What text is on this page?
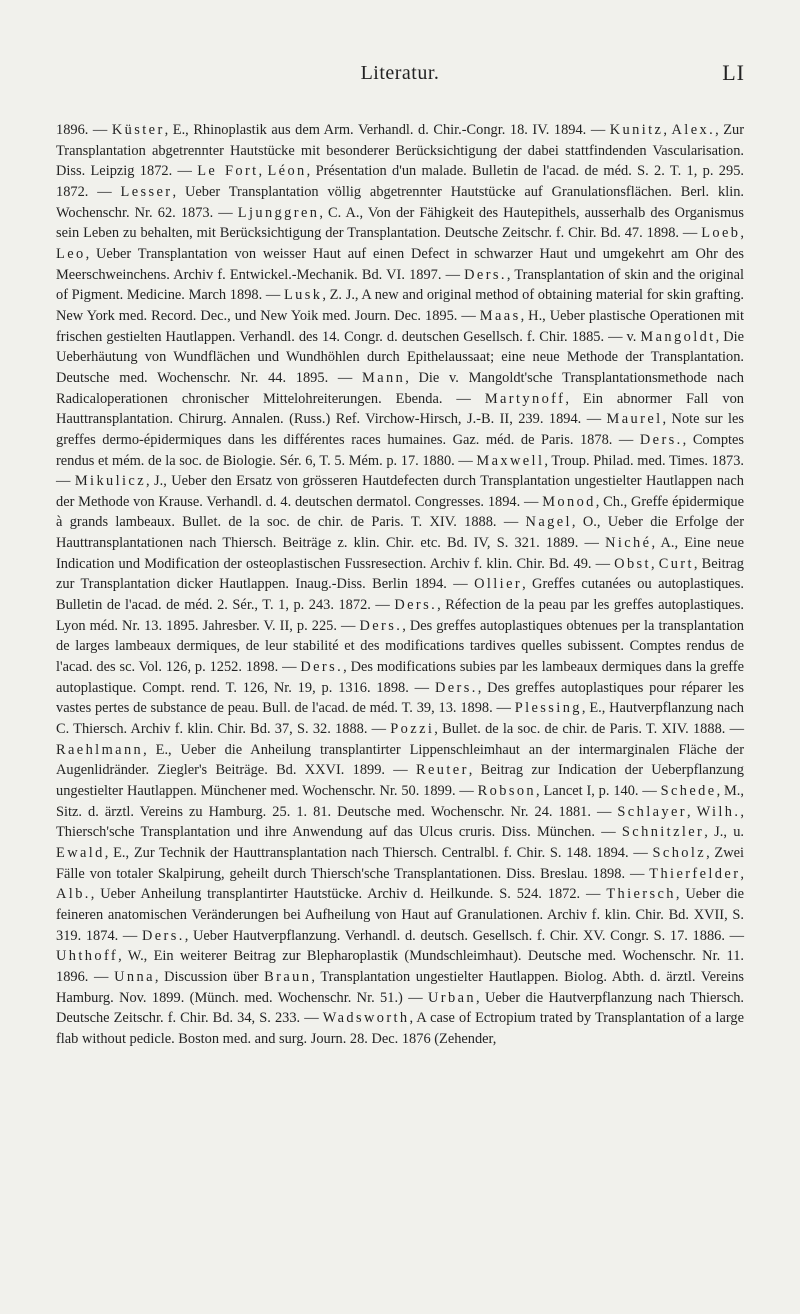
Literatur.	LI

1896. — Küster, E., Rhinoplastik aus dem Arm. Verhandl. d. Chir.-Congr. 18. IV. 1894. — Kunitz, Alex., Zur Transplantation abgetrennter Hautstücke mit besonderer Berücksichtigung der dabei stattfindenden Vascularisation. Diss. Leipzig 1872. — Le Fort, Léon, Présentation d'un malade. Bulletin de l'acad. de méd. S. 2. T. 1, p. 295. 1872. — Lesser, Ueber Transplantation völlig abgetrennter Hautstücke auf Granulationsflächen. Berl. klin. Wochenschr. Nr. 62. 1873. — Ljunggren, C. A., Von der Fähigkeit des Hautepithels, ausserhalb des Organismus sein Leben zu behalten, mit Berücksichtigung der Transplantation. Deutsche Zeitschr. f. Chir. Bd. 47. 1898. — Loeb, Leo, Ueber Transplantation von weisser Haut auf einen Defect in schwarzer Haut und umgekehrt am Ohr des Meerschweinchens. Archiv f. Entwickel.-Mechanik. Bd. VI. 1897. — Ders., Transplantation of skin and the original of Pigment. Medicine. March 1898. — Lusk, Z. J., A new and original method of obtaining material for skin grafting. New York med. Record. Dec., und New Yoik med. Journ. Dec. 1895. — Maas, H., Ueber plastische Operationen mit frischen gestielten Hautlappen. Verhandl. des 14. Congr. d. deutschen Gesellsch. f. Chir. 1885. — v. Mangoldt, Die Ueberhäutung von Wundflächen und Wundhöhlen durch Epithelaussaat; eine neue Methode der Transplantation. Deutsche med. Wochenschr. Nr. 44. 1895. — Mann, Die v. Mangoldt'sche Transplantationsmethode nach Radicaloperationen chronischer Mittelohreiterungen. Ebenda. — Martynoff, Ein abnormer Fall von Hauttransplantation. Chirurg. Annalen. (Russ.) Ref. Virchow-Hirsch, J.-B. II, 239. 1894. — Maurel, Note sur les greffes dermo-épidermiques dans les différentes races humaines. Gaz. méd. de Paris. 1878. — Ders., Comptes rendus et mém. de la soc. de Biologie. Sér. 6, T. 5. Mém. p. 17. 1880. — Maxwell, Troup. Philad. med. Times. 1873. — Mikulicz, J., Ueber den Ersatz von grösseren Hautdefecten durch Transplantation ungestielter Hautlappen nach der Methode von Krause. Verhandl. d. 4. deutschen dermatol. Congresses. 1894. — Monod, Ch., Greffe épidermique à grands lambeaux. Bullet. de la soc. de chir. de Paris. T. XIV. 1888. — Nagel, O., Ueber die Erfolge der Hauttransplantationen nach Thiersch. Beiträge z. klin. Chir. etc. Bd. IV, S. 321. 1889. — Niché, A., Eine neue Indication und Modification der osteoplastischen Fussresection. Archiv f. klin. Chir. Bd. 49. — Obst, Curt, Beitrag zur Transplantation dicker Hautlappen. Inaug.-Diss. Berlin 1894. — Ollier, Greffes cutanées ou autoplastiques. Bulletin de l'acad. de méd. 2. Sér., T. 1, p. 243. 1872. — Ders., Réfection de la peau par les greffes autoplastiques. Lyon méd. Nr. 13. 1895. Jahresber. V. II, p. 225. — Ders., Des greffes autoplastiques obtenues per la transplantation de larges lambeaux dermiques, de leur stabilité et des modifications tardives quelles subissent. Comptes rendus de l'acad. des sc. Vol. 126, p. 1252. 1898. — Ders., Des modifications subies par les lambeaux dermiques dans la greffe autoplastique. Compt. rend. T. 126, Nr. 19, p. 1316. 1898. — Ders., Des greffes autoplastiques pour réparer les vastes pertes de substance de peau. Bull. de l'acad. de méd. T. 39, 13. 1898. — Plessing, E., Hautverpflanzung nach C. Thiersch. Archiv f. klin. Chir. Bd. 37, S. 32. 1888. — Pozzi, Bullet. de la soc. de chir. de Paris. T. XIV. 1888. — Raehlmann, E., Ueber die Anheilung transplantirter Lippenschleimhaut an der intermarginalen Fläche der Augenlidränder. Ziegler's Beiträge. Bd. XXVI. 1899. — Reuter, Beitrag zur Indication der Ueberpflanzung ungestielter Hautlappen. Münchener med. Wochenschr. Nr. 50. 1899. — Robson, Lancet I, p. 140. — Schede, M., Sitz. d. ärztl. Vereins zu Hamburg. 25. 1. 81. Deutsche med. Wochenschr. Nr. 24. 1881. — Schlayer, Wilh., Thiersch'sche Transplantation und ihre Anwendung auf das Ulcus cruris. Diss. München. — Schnitzler, J., u. Ewald, E., Zur Technik der Hauttransplantation nach Thiersch. Centralbl. f. Chir. S. 148. 1894. — Scholz, Zwei Fälle von totaler Skalpirung, geheilt durch Thiersch'sche Transplantationen. Diss. Breslau. 1898. — Thierfelder, Alb., Ueber Anheilung transplantirter Hautstücke. Archiv d. Heilkunde. S. 524. 1872. — Thiersch, Ueber die feineren anatomischen Veränderungen bei Aufheilung von Haut auf Granulationen. Archiv f. klin. Chir. Bd. XVII, S. 319. 1874. — Ders., Ueber Hautverpflanzung. Verhandl. d. deutsch. Gesellsch. f. Chir. XV. Congr. S. 17. 1886. — Uhthoff, W., Ein weiterer Beitrag zur Blepharoplastik (Mundschleimhaut). Deutsche med. Wochenschr. Nr. 11. 1896. — Unna, Discussion über Braun, Transplantation ungestielter Hautlappen. Biolog. Abth. d. ärztl. Vereins Hamburg. Nov. 1899. (Münch. med. Wochenschr. Nr. 51.) — Urban, Ueber die Hautverpflanzung nach Thiersch. Deutsche Zeitschr. f. Chir. Bd. 34, S. 233. — Wadsworth, A case of Ectropium trated by Transplantation of a large flab without pedicle. Boston med. and surg. Journ. 28. Dec. 1876 (Zehender,
